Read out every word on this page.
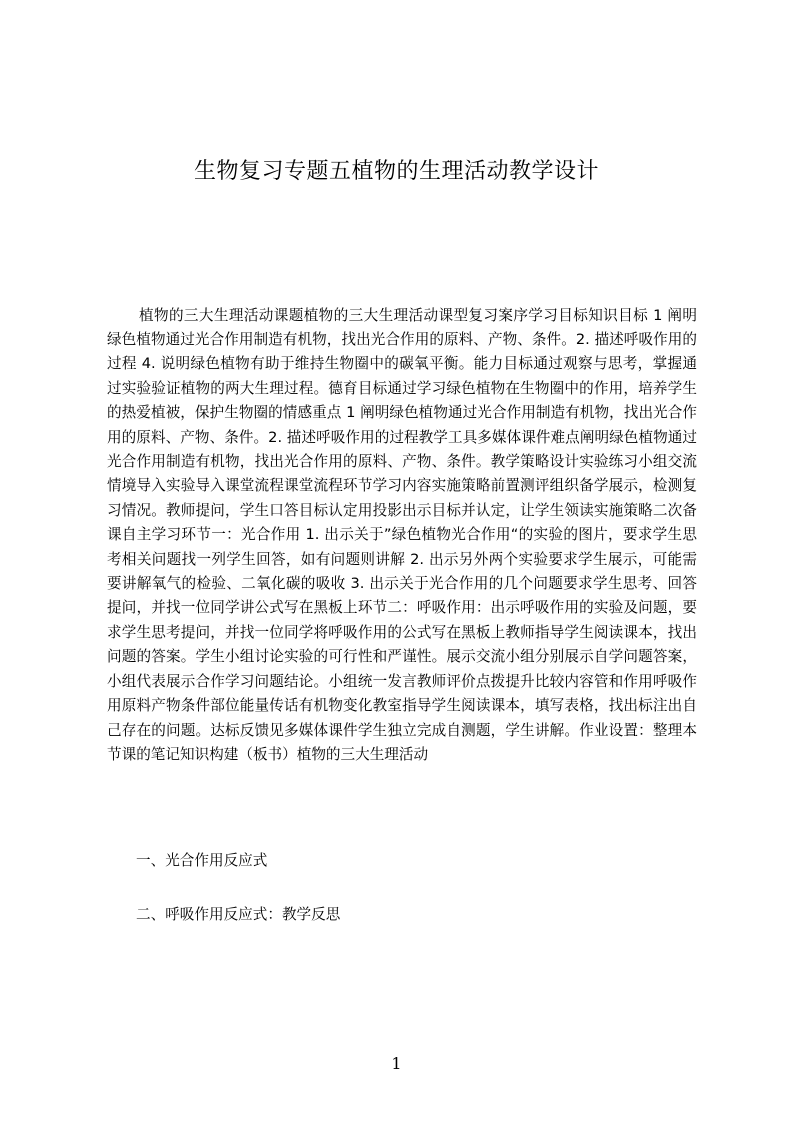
生物复习专题五植物的生理活动教学设计

植物的三大生理活动课题植物的三大生理活动课型复习案序学习目标知识目标 1 阐明绿色植物通过光合作用制造有机物，找出光合作用的原料、产物、条件。2. 描述呼吸作用的过程 4. 说明绿色植物有助于维持生物圈中的碳氧平衡。能力目标通过观察与思考，掌握通过实验验证植物的两大生理过程。德育目标通过学习绿色植物在生物圈中的作用，培养学生的热爱植被，保护生物圈的情感重点 1 阐明绿色植物通过光合作用制造有机物，找出光合作用的原料、产物、条件。2. 描述呼吸作用的过程教学工具多媒体课件难点阐明绿色植物通过光合作用制造有机物，找出光合作用的原料、产物、条件。教学策略设计实验练习小组交流情境导入实验导入课堂流程课堂流程环节学习内容实施策略前置测评组织备学展示，检测复习情况。教师提问，学生口答目标认定用投影出示目标并认定，让学生领读实施策略二次备课自主学习环节一：光合作用 1. 出示关于”绿色植物光合作用“的实验的图片，要求学生思考相关问题找一列学生回答，如有问题则讲解 2. 出示另外两个实验要求学生展示，可能需要讲解氧气的检验、二氧化碳的吸收 3. 出示关于光合作用的几个问题要求学生思考、回答提问，并找一位同学讲公式写在黑板上环节二：呼吸作用：出示呼吸作用的实验及问题，要求学生思考提问，并找一位同学将呼吸作用的公式写在黑板上教师指导学生阅读课本，找出问题的答案。学生小组讨论实验的可行性和严谨性。展示交流小组分别展示自学问题答案，小组代表展示合作学习问题结论。小组统一发言教师评价点拨提升比较内容管和作用呼吸作用原料产物条件部位能量传话有机物变化教室指导学生阅读课本，填写表格，找出标注出自己存在的问题。达标反馈见多媒体课件学生独立完成自测题，学生讲解。作业设置：整理本节课的笔记知识构建（板书）植物的三大生理活动

一、光合作用反应式
二、呼吸作用反应式：教学反思
1
